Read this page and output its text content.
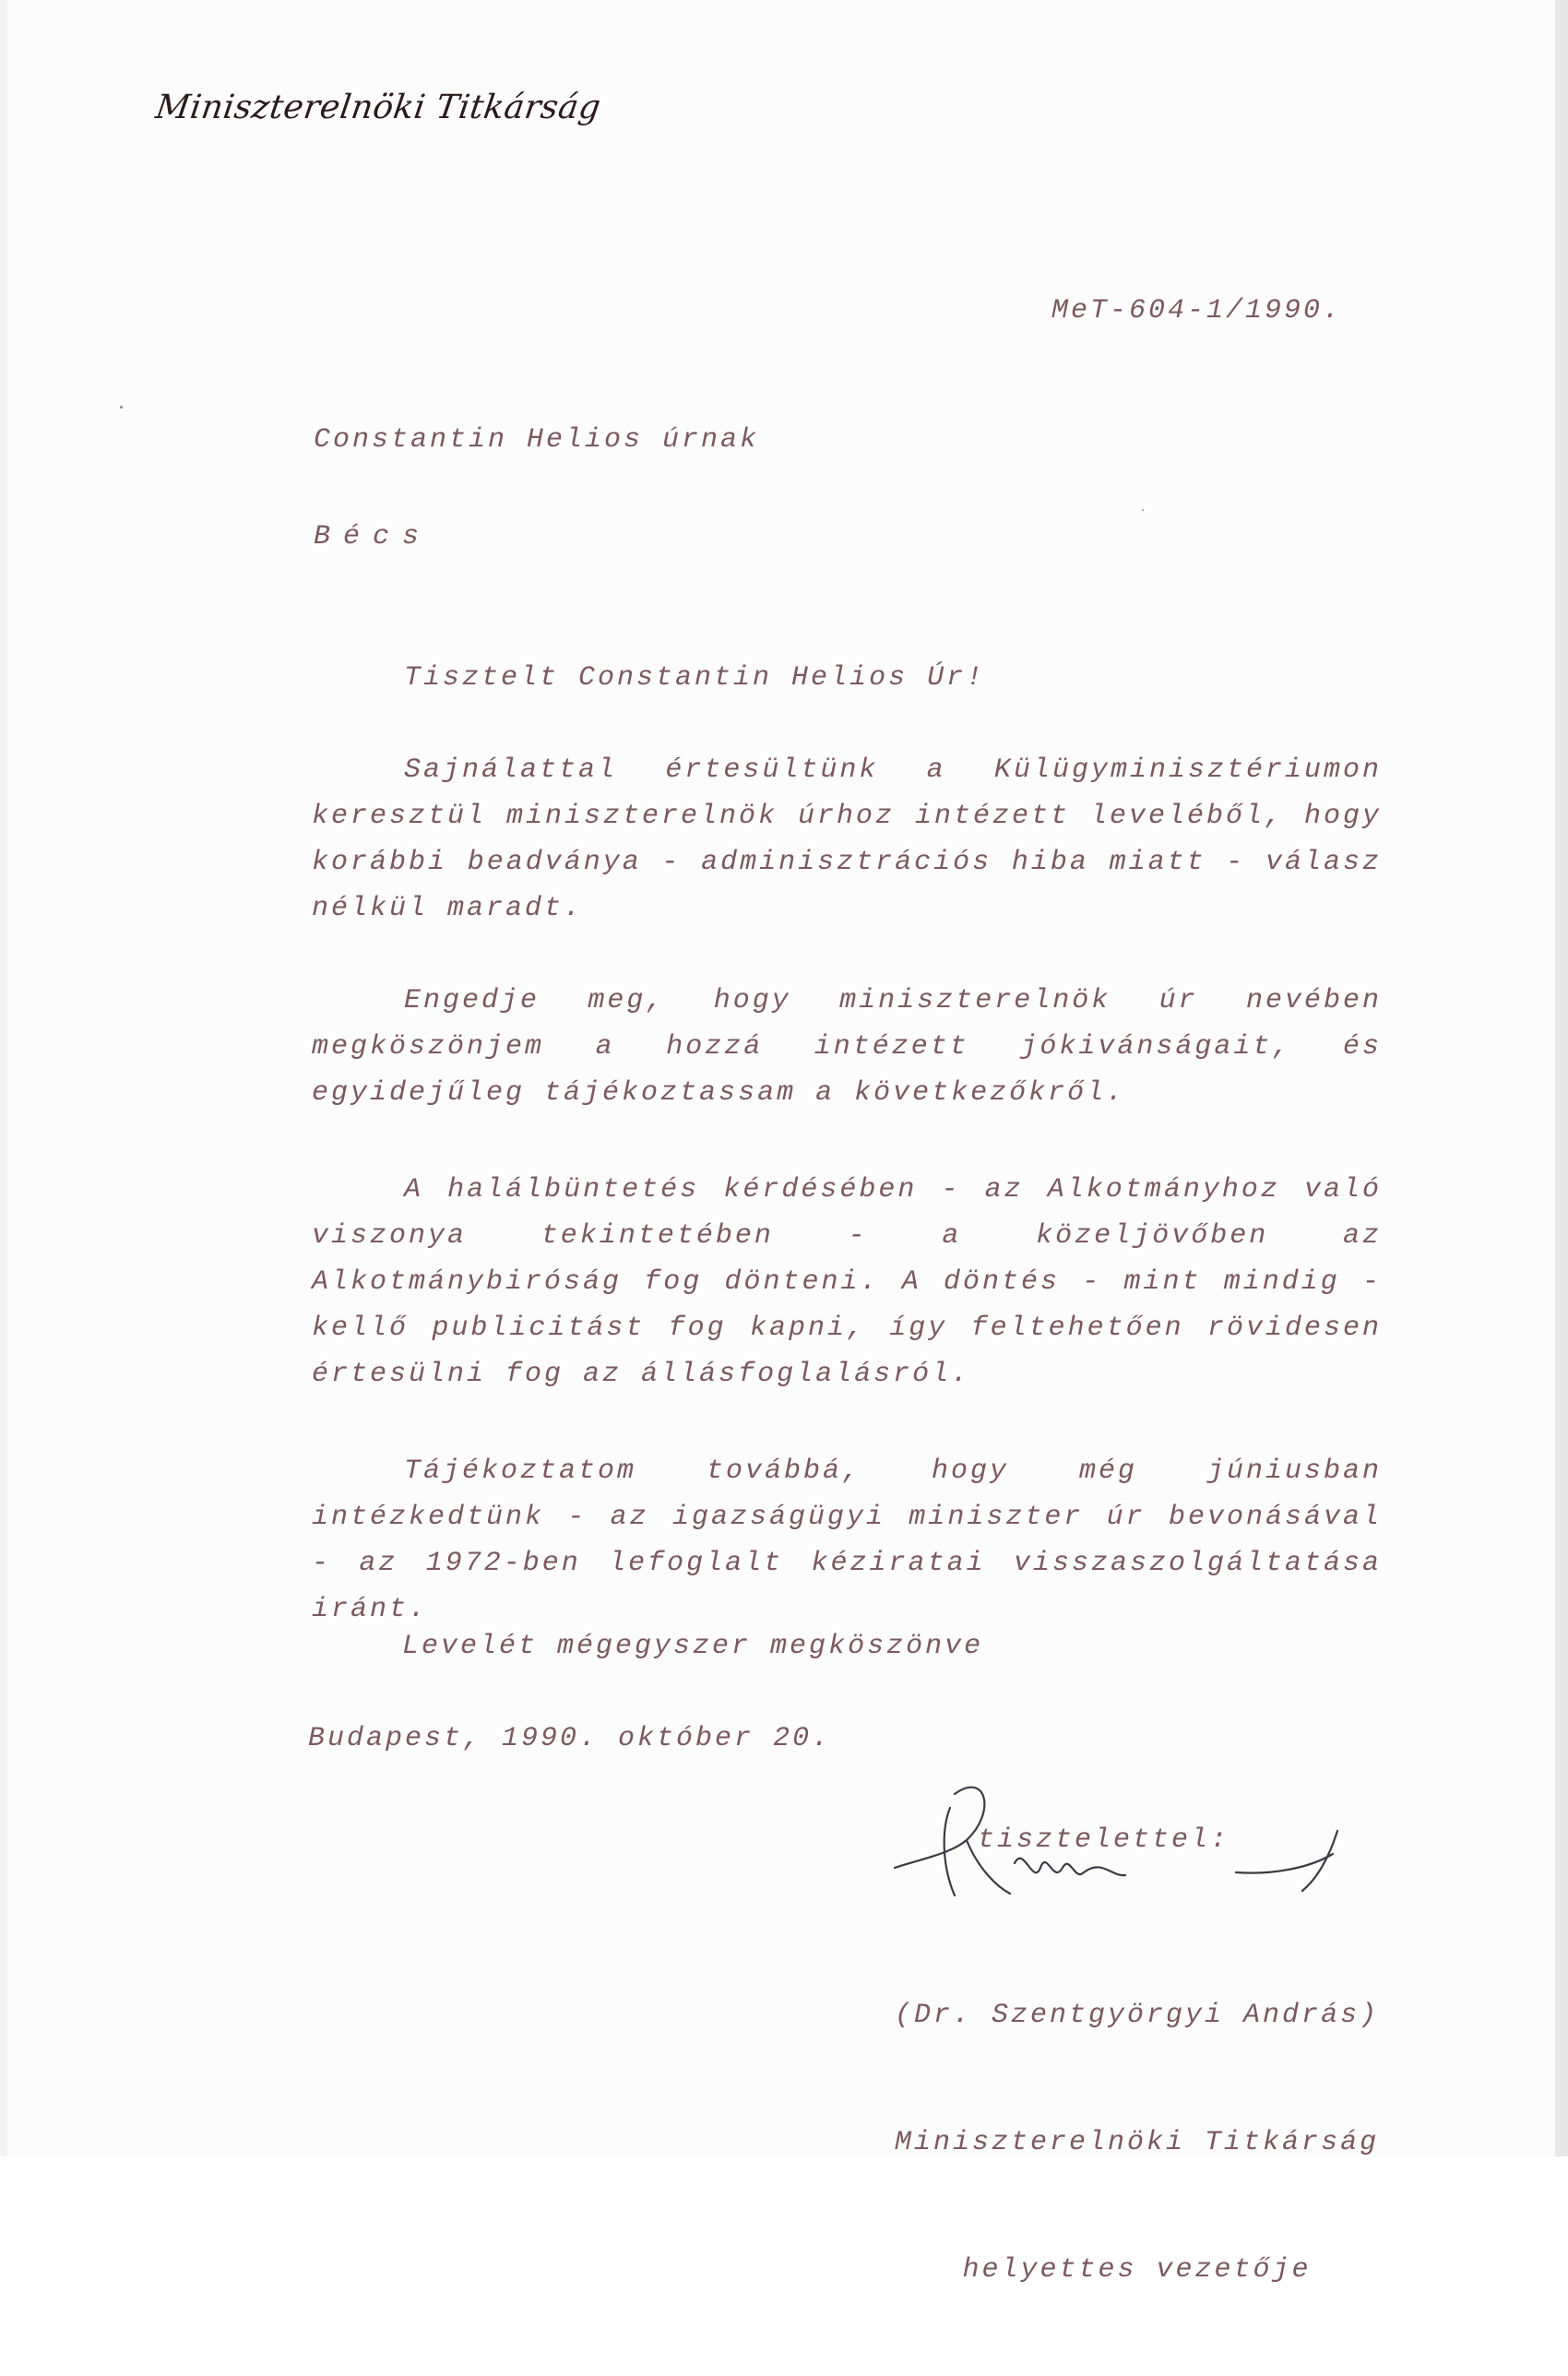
Miniszterelnöki Titkárság
MeT-604-1/1990.
Constantin Helios úrnak
Bécs
Tisztelt Constantin Helios Úr!
Sajnálattal értesültünk a Külügyminisztériumon keresztül miniszterelnök úrhoz intézett leveléből, hogy korábbi beadványa - adminisztrációs hiba miatt - válasz nélkül maradt.
Engedje meg, hogy miniszterelnök úr nevében megköszönjem a hozzá intézett jókivánságait, és egyidejűleg tájékoztassam a következőkről.
A halálbüntetés kérdésében - az Alkotmányhoz való viszonya tekintetében - a közeljövőben az Alkotmánybiróság fog dönteni. A döntés - mint mindig - kellő publicitást fog kapni, így feltehetően rövidesen értesülni fog az állásfoglalásról.
Tájékoztatom továbbá, hogy még júniusban intézkedtünk - az igazságügyi miniszter úr bevonásával - az 1972-ben lefoglalt kéziratai visszaszolgáltatása iránt.
Levelét mégegyszer megköszönve
Budapest, 1990. október 20.
tisztelettel:

(Dr. Szentgyörgyi András)

Miniszterelnöki Titkárság

helyettes vezetője
